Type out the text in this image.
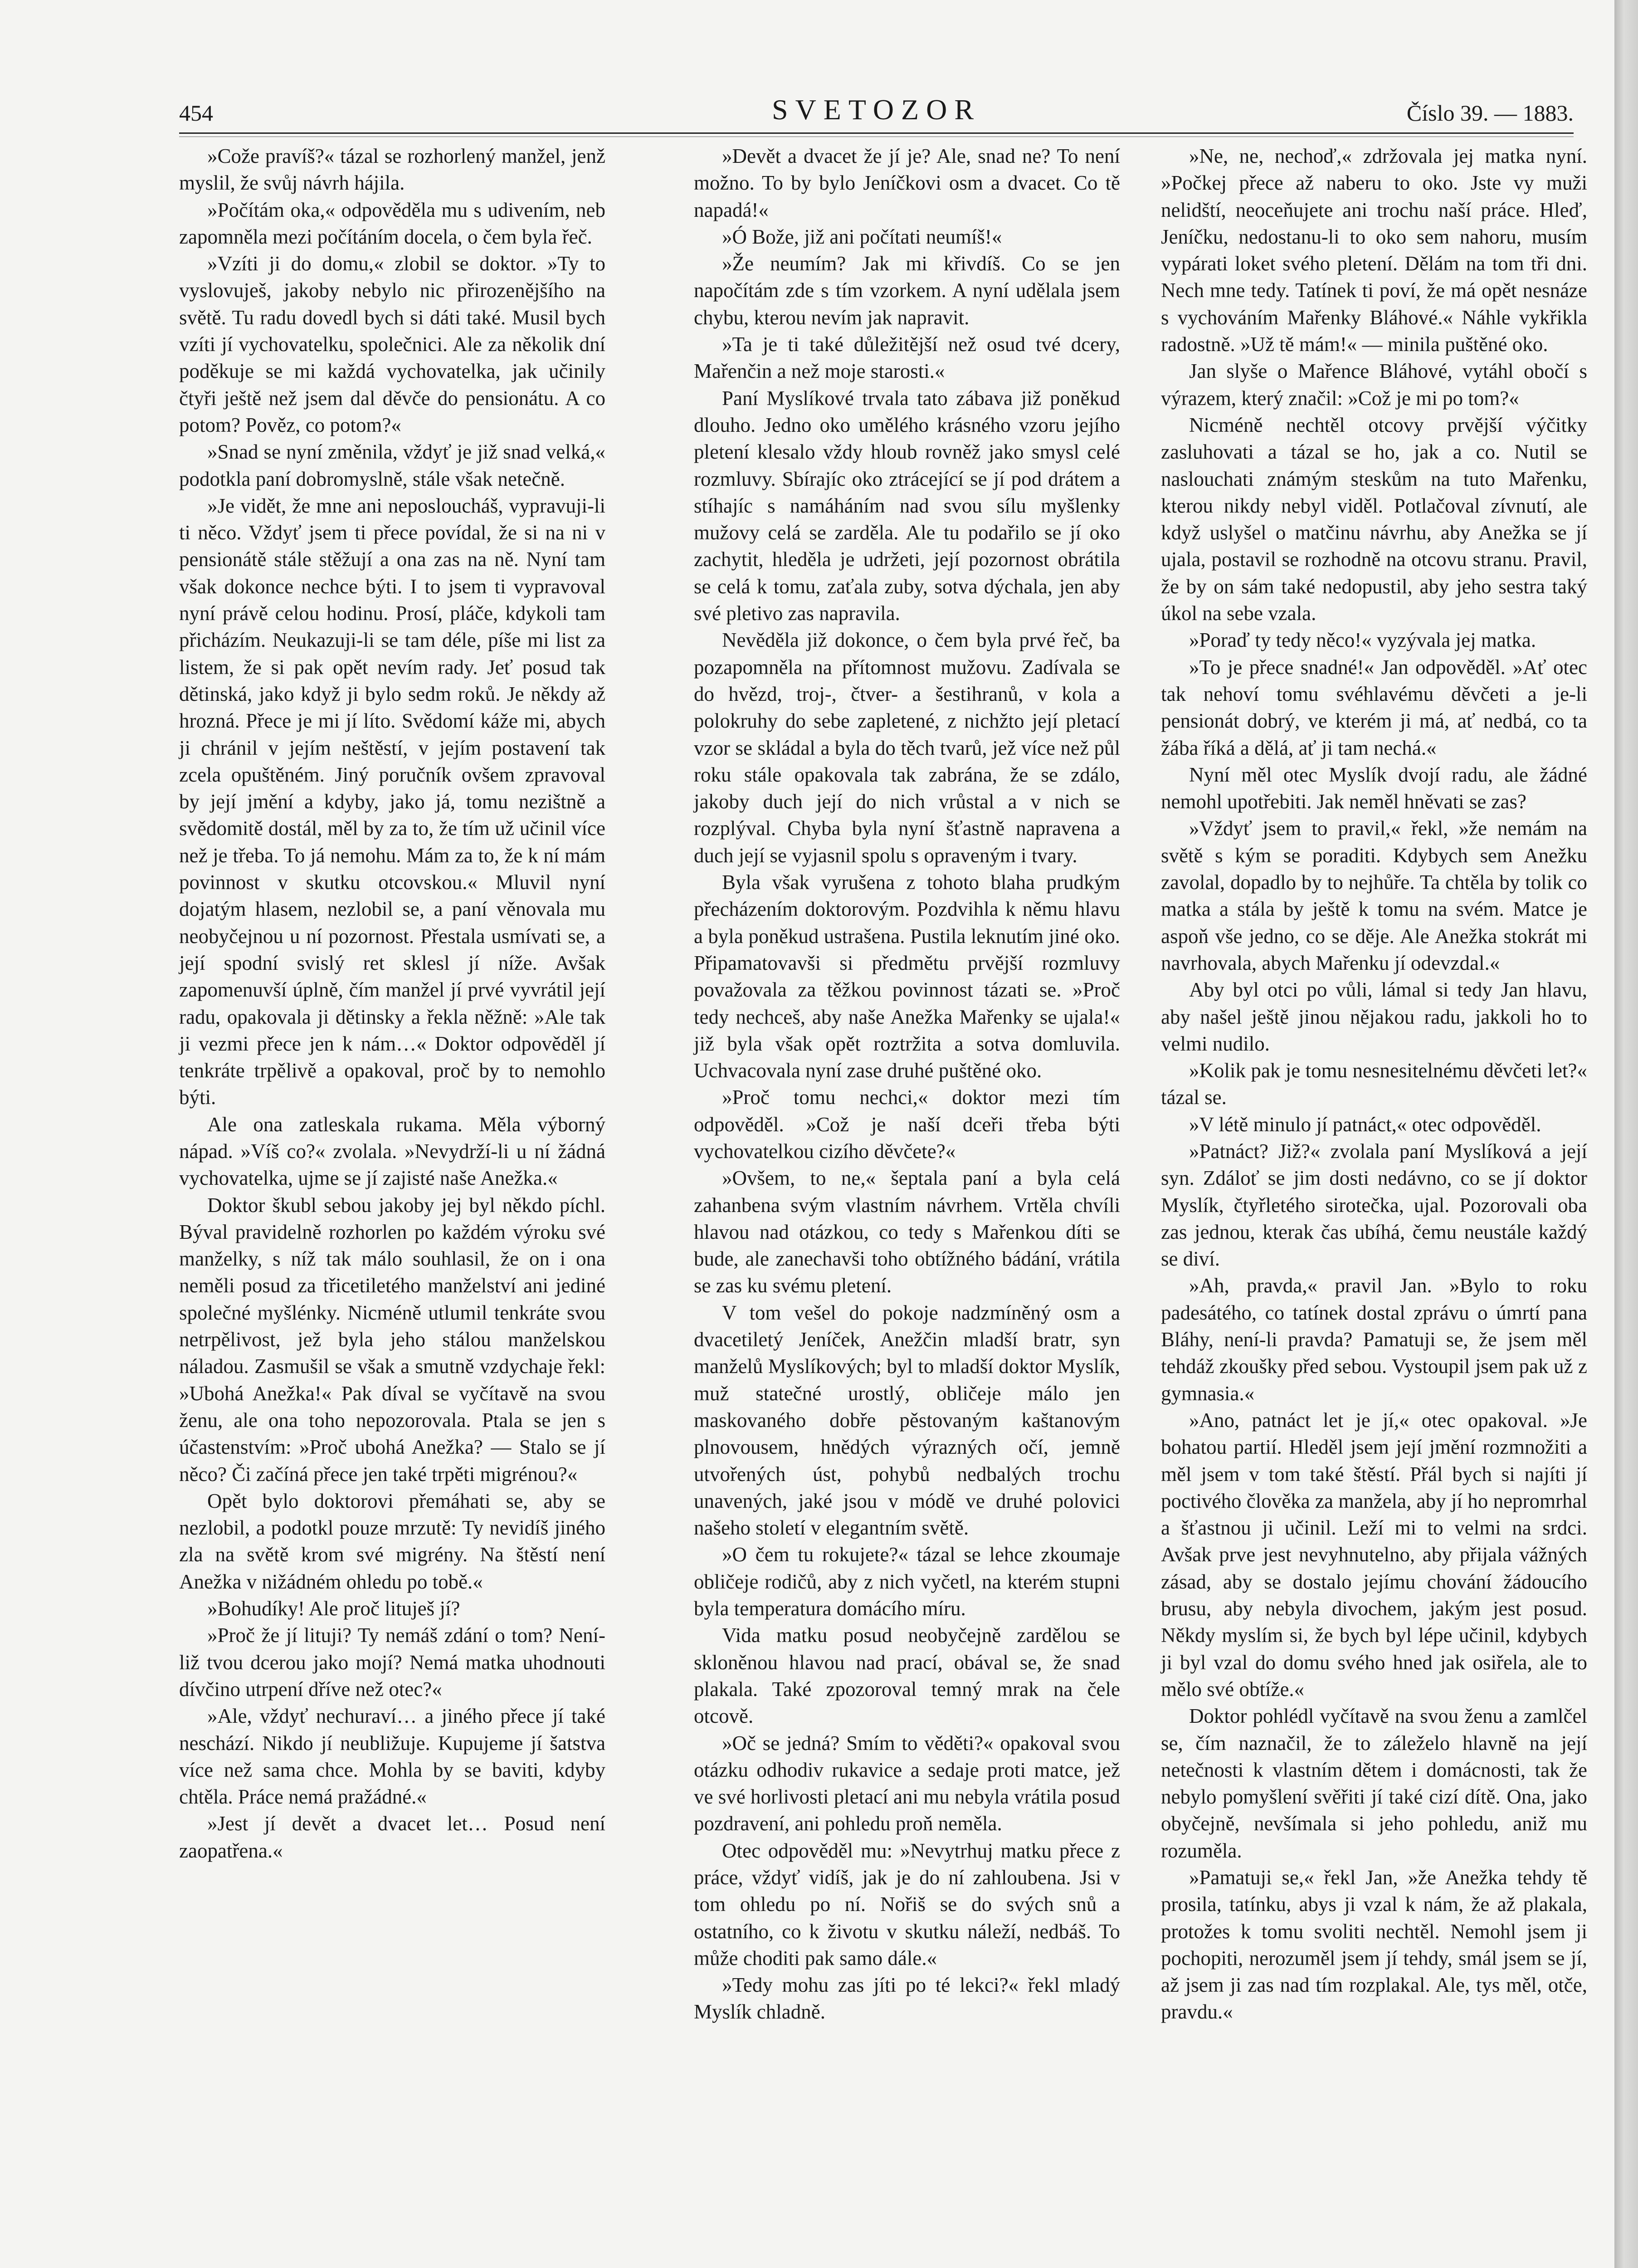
454	SVETOZOR	Číslo 39. — 1883.

»Cože pravíš?« tázal se rozhorlený manžel, jenž myslil, že svůj návrh hájila.

»Počítám oka,« odpověděla mu s udivením, neb zapomněla mezi počítáním docela, o čem byla řeč.

»Vzíti ji do domu,« zlobil se doktor. »Ty to vyslovuješ, jakoby nebylo nic přirozenějšího na světě. Tu radu dovedl bych si dáti také. Musil bych vzíti jí vychovatelku, společnici. Ale za několik dní poděkuje se mi každá vychovatelka, jak učinily čtyři ještě než jsem dal děvče do pensionátu. A co potom? Pověz, co potom?«

»Snad se nyní změnila, vždyť je již snad velká,« podotkla paní dobromyslně, stále však netečně.

»Je vidět, že mne ani neposloucháš, vypravuji-li ti něco. Vždyť jsem ti přece povídal, že si na ni v pensionátě stále stěžují a ona zas na ně. Nyní tam však dokonce nechce býti. I to jsem ti vypravoval nyní právě celou hodinu. Prosí, pláče, kdykoli tam přicházím. Neukazuji-li se tam déle, píše mi list za listem, že si pak opět nevím rady. Jeť posud tak dětinská, jako když ji bylo sedm roků. Je někdy až hrozná. Přece je mi jí líto. Svědomí káže mi, abych ji chránil v jejím neštěstí, v jejím postavení tak zcela opuštěném. Jiný poručník ovšem zpravoval by její jmění a kdyby, jako já, tomu nezištně a svědomitě dostál, měl by za to, že tím už učinil více než je třeba. To já nemohu. Mám za to, že k ní mám povinnost v skutku otcovskou.« Mluvil nyní dojatým hlasem, nezlobil se, a paní věnovala mu neobyčejnou u ní pozornost. Přestala usmívati se, a její spodní svislý ret sklesl jí níže. Avšak zapomenuvší úplně, čím manžel jí prvé vyvrátil její radu, opakovala ji dětinsky a řekla něžně: »Ale tak ji vezmi přece jen k nám…« Doktor odpověděl jí tenkráte trpělivě a opakoval, proč by to nemohlo býti.

Ale ona zatleskala rukama. Měla výborný nápad. »Víš co?« zvolala. »Nevydrží-li u ní žádná vychovatelka, ujme se jí zajisté naše Anežka.«

Doktor škubl sebou jakoby jej byl někdo píchl. Býval pravidelně rozhorlen po každém výroku své manželky, s níž tak málo souhlasil, že on i ona neměli posud za třicetiletého manželství ani jediné společné myšlénky. Nicméně utlumil tenkráte svou netrpělivost, jež byla jeho stálou manželskou náladou. Zasmušil se však a smutně vzdychaje řekl: »Ubohá Anežka!« Pak díval se vyčítavě na svou ženu, ale ona toho nepozorovala. Ptala se jen s účastenstvím: »Proč ubohá Anežka? — Stalo se jí něco? Či začíná přece jen také trpěti migrénou?«

Opět bylo doktorovi přemáhati se, aby se nezlobil, a podotkl pouze mrzutě: Ty nevidíš jiného zla na světě krom své migrény. Na štěstí není Anežka v nižádném ohledu po tobě.«

»Bohudíky! Ale proč lituješ jí?

»Proč že jí lituji? Ty nemáš zdání o tom? Není-liž tvou dcerou jako mojí? Nemá matka uhodnouti dívčino utrpení dříve než otec?«

»Ale, vždyť nechuraví… a jiného přece jí také neschází. Nikdo jí neubližuje. Kupujeme jí šatstva více než sama chce. Mohla by se baviti, kdyby chtěla. Práce nemá pražádné.«

»Jest jí devět a dvacet let… Posud není zaopatřena.«

»Devět a dvacet že jí je? Ale, snad ne? To není možno. To by bylo Jeníčkovi osm a dvacet. Co tě napadá!«

»Ó Bože, již ani počítati neumíš!«

»Že neumím? Jak mi křivdíš. Co se jen napočítám zde s tím vzorkem. A nyní udělala jsem chybu, kterou nevím jak napravit.

»Ta je ti také důležitější než osud tvé dcery, Mařenčin a než moje starosti.«

Paní Myslíkové trvala tato zábava již poněkud dlouho. Jedno oko umělého krásného vzoru jejího pletení klesalo vždy hloub rovněž jako smysl celé rozmluvy. Sbírajíc oko ztrácející se jí pod drátem a stíhajíc s namáháním nad svou sílu myšlenky mužovy celá se zarděla. Ale tu podařilo se jí oko zachytit, hleděla je udržeti, její pozornost obrátila se celá k tomu, zaťala zuby, sotva dýchala, jen aby své pletivo zas napravila.

Nevěděla již dokonce, o čem byla prvé řeč, ba pozapomněla na přítomnost mužovu. Zadívala se do hvězd, troj-, čtver- a šestihranů, v kola a polokruhy do sebe zapletené, z nichžto její pletací vzor se skládal a byla do těch tvarů, jež více než půl roku stále opakovala tak zabrána, že se zdálo, jakoby duch její do nich vrůstal a v nich se rozplýval. Chyba byla nyní šťastně napravena a duch její se vyjasnil spolu s opraveným i tvary.

Byla však vyrušena z tohoto blaha prudkým přecházením doktorovým. Pozdvihla k němu hlavu a byla poněkud ustrašena. Pustila leknutím jiné oko. Připamatovavši si předmětu prvější rozmluvy považovala za těžkou povinnost tázati se. »Proč tedy nechceš, aby naše Anežka Mařenky se ujala!« již byla však opět roztržita a sotva domluvila. Uchvacovala nyní zase druhé puštěné oko.

»Proč tomu nechci,« doktor mezi tím odpověděl. »Což je naší dceři třeba býti vychovatelkou cizího děvčete?«

»Ovšem, to ne,« šeptala paní a byla celá zahanbena svým vlastním návrhem. Vrtěla chvíli hlavou nad otázkou, co tedy s Mařenkou díti se bude, ale zanechavši toho obtížného bádání, vrátila se zas ku svému pletení.

V tom vešel do pokoje nadzmíněný osm a dvacetiletý Jeníček, Anežčin mladší bratr, syn manželů Myslíkových; byl to mladší doktor Myslík, muž statečné urostlý, obličeje málo jen maskovaného dobře pěstovaným kaštanovým plnovousem, hnědých výrazných očí, jemně utvořených úst, pohybů nedbalých trochu unavených, jaké jsou v módě ve druhé polovici našeho století v elegantním světě.

»O čem tu rokujete?« tázal se lehce zkoumaje obličeje rodičů, aby z nich vyčetl, na kterém stupni byla temperatura domácího míru.

Vida matku posud neobyčejně zardělou se skloněnou hlavou nad prací, obával se, že snad plakala. Také zpozoroval temný mrak na čele otcově.

»Oč se jedná? Smím to věděti?« opakoval svou otázku odhodiv rukavice a sedaje proti matce, jež ve své horlivosti pletací ani mu nebyla vrátila posud pozdravení, ani pohledu proň neměla.

Otec odpověděl mu: »Nevytrhuj matku přece z práce, vždyť vidíš, jak je do ní zahloubena. Jsi v tom ohledu po ní. Nořiš se do svých snů a ostatního, co k životu v skutku náleží, nedbáš. To může choditi pak samo dále.«

»Tedy mohu zas jíti po té lekci?« řekl mladý Myslík chladně.

»Ne, ne, nechoď,« zdržovala jej matka nyní. »Počkej přece až naberu to oko. Jste vy muži nelidští, neoceňujete ani trochu naší práce. Hleď, Jeníčku, nedostanu-li to oko sem nahoru, musím vypárati loket svého pletení. Dělám na tom tři dni. Nech mne tedy. Tatínek ti poví, že má opět nesnáze s vychováním Mařenky Bláhové.« Náhle vykřikla radostně. »Už tě mám!« — minila puštěné oko.

Jan slyše o Mařence Bláhové, vytáhl obočí s výrazem, který značil: »Což je mi po tom?«

Nicméně nechtěl otcovy prvější výčitky zasluhovati a tázal se ho, jak a co. Nutil se naslouchati známým steskům na tuto Mařenku, kterou nikdy nebyl viděl. Potlačoval zívnutí, ale když uslyšel o matčinu návrhu, aby Anežka se jí ujala, postavil se rozhodně na otcovu stranu. Pravil, že by on sám také nedopustil, aby jeho sestra taký úkol na sebe vzala.

»Poraď ty tedy něco!« vyzývala jej matka.

»To je přece snadné!« Jan odpověděl. »Ať otec tak nehoví tomu svéhlavému děvčeti a je-li pensionát dobrý, ve kterém ji má, ať nedbá, co ta žába říká a dělá, ať ji tam nechá.«

Nyní měl otec Myslík dvojí radu, ale žádné nemohl upotřebiti. Jak neměl hněvati se zas?

»Vždyť jsem to pravil,« řekl, »že nemám na světě s kým se poraditi. Kdybych sem Anežku zavolal, dopadlo by to nejhůře. Ta chtěla by tolik co matka a stála by ještě k tomu na svém. Matce je aspoň vše jedno, co se děje. Ale Anežka stokrát mi navrhovala, abych Mařenku jí odevzdal.«

Aby byl otci po vůli, lámal si tedy Jan hlavu, aby našel ještě jinou nějakou radu, jakkoli ho to velmi nudilo.

»Kolik pak je tomu nesnesitelnému děvčeti let?« tázal se.

»V létě minulo jí patnáct,« otec odpověděl.

»Patnáct? Již?« zvolala paní Myslíková a její syn. Zdáloť se jim dosti nedávno, co se jí doktor Myslík, čtyřletého sirotečka, ujal. Pozorovali oba zas jednou, kterak čas ubíhá, čemu neustále každý se diví.

»Ah, pravda,« pravil Jan. »Bylo to roku padesátého, co tatínek dostal zprávu o úmrtí pana Bláhy, není-li pravda? Pamatuji se, že jsem měl tehdáž zkoušky před sebou. Vystoupil jsem pak už z gymnasia.«

»Ano, patnáct let je jí,« otec opakoval. »Je bohatou partií. Hleděl jsem její jmění rozmnožiti a měl jsem v tom také štěstí. Přál bych si najíti jí poctivého člověka za manžela, aby jí ho nepromrhal a šťastnou ji učinil. Leží mi to velmi na srdci. Avšak prve jest nevyhnutelno, aby přijala vážných zásad, aby se dostalo jejímu chování žádoucího brusu, aby nebyla divochem, jakým jest posud. Někdy myslím si, že bych byl lépe učinil, kdybych ji byl vzal do domu svého hned jak osiřela, ale to mělo své obtíže.«

Doktor pohlédl vyčítavě na svou ženu a zamlčel se, čím naznačil, že to záleželo hlavně na její netečnosti k vlastním dětem i domácnosti, tak že nebylo pomyšlení svěřiti jí také cizí dítě. Ona, jako obyčejně, nevšímala si jeho pohledu, aniž mu rozuměla.

»Pamatuji se,« řekl Jan, »že Anežka tehdy tě prosila, tatínku, abys ji vzal k nám, že až plakala, protožes k tomu svoliti nechtěl. Nemohl jsem ji pochopiti, nerozuměl jsem jí tehdy, smál jsem se jí, až jsem ji zas nad tím rozplakal. Ale, tys měl, otče, pravdu.«
